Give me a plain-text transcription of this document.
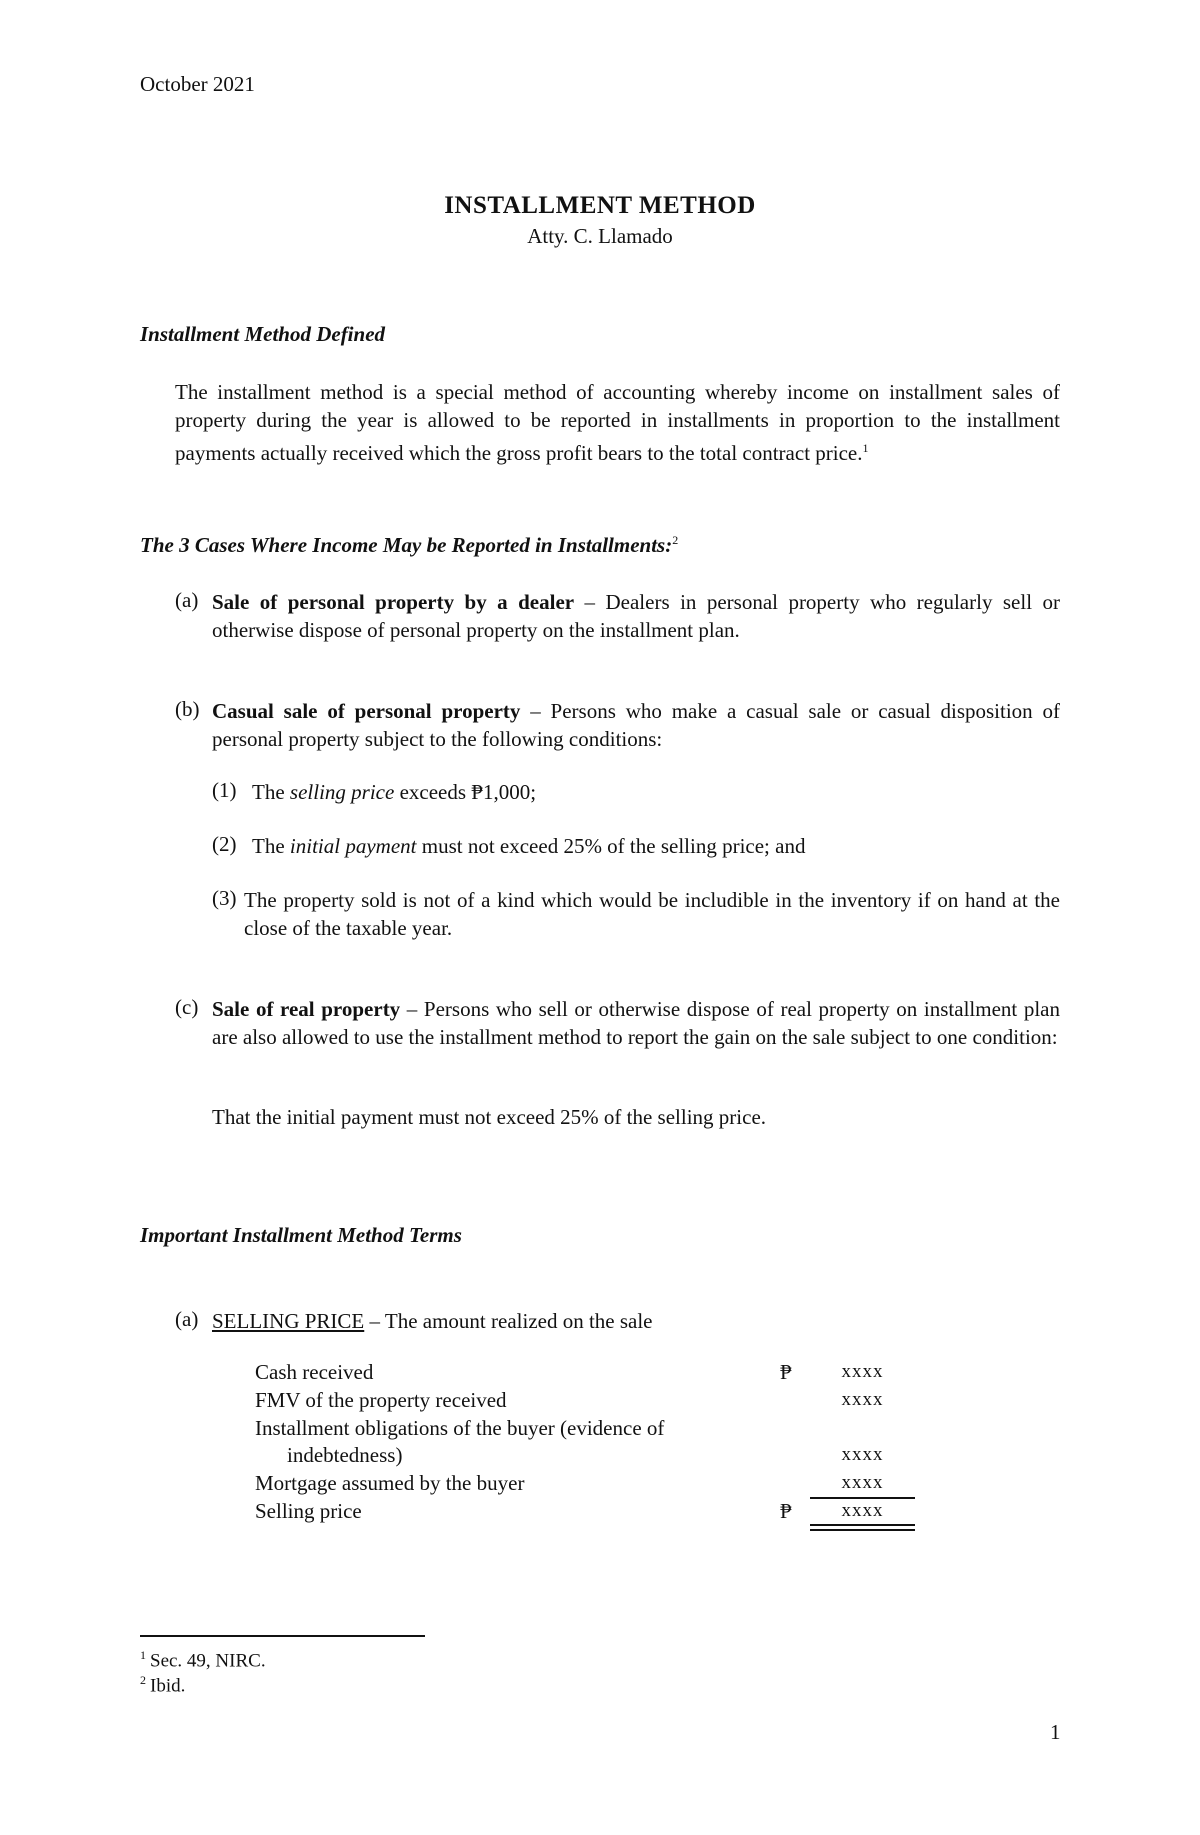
October 2021
INSTALLMENT METHOD
Atty. C. Llamado
Installment Method Defined
The installment method is a special method of accounting whereby income on installment sales of property during the year is allowed to be reported in installments in proportion to the installment payments actually received which the gross profit bears to the total contract price.$^1$
The 3 Cases Where Income May be Reported in Installments:$^2$
(a) Sale of personal property by a dealer – Dealers in personal property who regularly sell or otherwise dispose of personal property on the installment plan.
(b) Casual sale of personal property – Persons who make a casual sale or casual disposition of personal property subject to the following conditions:
(1) The selling price exceeds ₱1,000;
(2) The initial payment must not exceed 25% of the selling price; and
(3) The property sold is not of a kind which would be includible in the inventory if on hand at the close of the taxable year.
(c) Sale of real property – Persons who sell or otherwise dispose of real property on installment plan are also allowed to use the installment method to report the gain on the sale subject to one condition:
That the initial payment must not exceed 25% of the selling price.
Important Installment Method Terms
(a) SELLING PRICE – The amount realized on the sale
Cash received	₱	xxxx
FMV of the property received	xxxx
Installment obligations of the buyer (evidence of
indebtedness)	xxxx
Mortgage assumed by the buyer	xxxx
Selling price	₱	xxxx
$^1$ Sec. 49, NIRC.
$^2$ Ibid.
1
